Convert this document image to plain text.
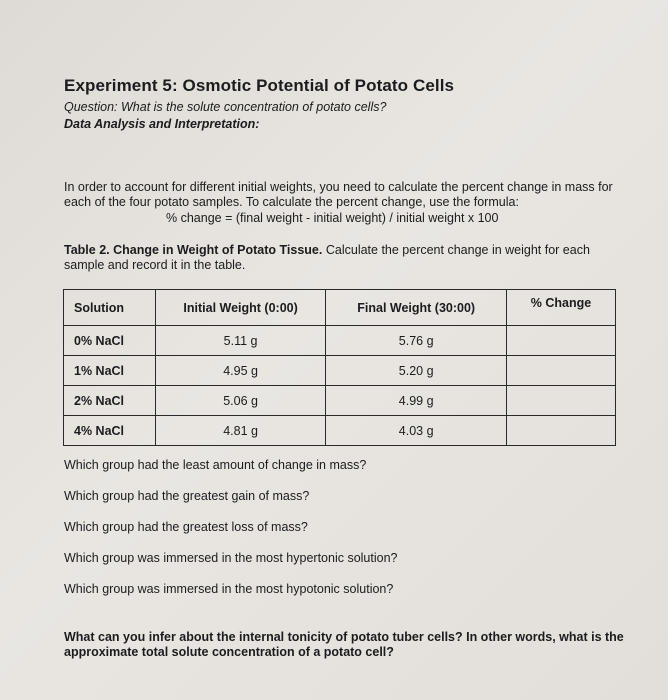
Experiment 5: Osmotic Potential of Potato Cells
Question: What is the solute concentration of potato cells?
Data Analysis and Interpretation:
In order to account for different initial weights, you need to calculate the percent change in mass for each of the four potato samples. To calculate the percent change, use the formula:
% change = (final weight - initial weight) / initial weight x 100
Table 2. Change in Weight of Potato Tissue. Calculate the percent change in weight for each sample and record it in the table.
Solution	Initial Weight (0:00)	Final Weight (30:00)	% Change
0% NaCl	5.11 g	5.76 g	
1% NaCl	4.95 g	5.20 g	
2% NaCl	5.06 g	4.99 g	
4% NaCl	4.81 g	4.03 g	
Which group had the least amount of change in mass?
Which group had the greatest gain of mass?
Which group had the greatest loss of mass?
Which group was immersed in the most hypertonic solution?
Which group was immersed in the most hypotonic solution?
What can you infer about the internal tonicity of potato tuber cells? In other words, what is the approximate total solute concentration of a potato cell?
